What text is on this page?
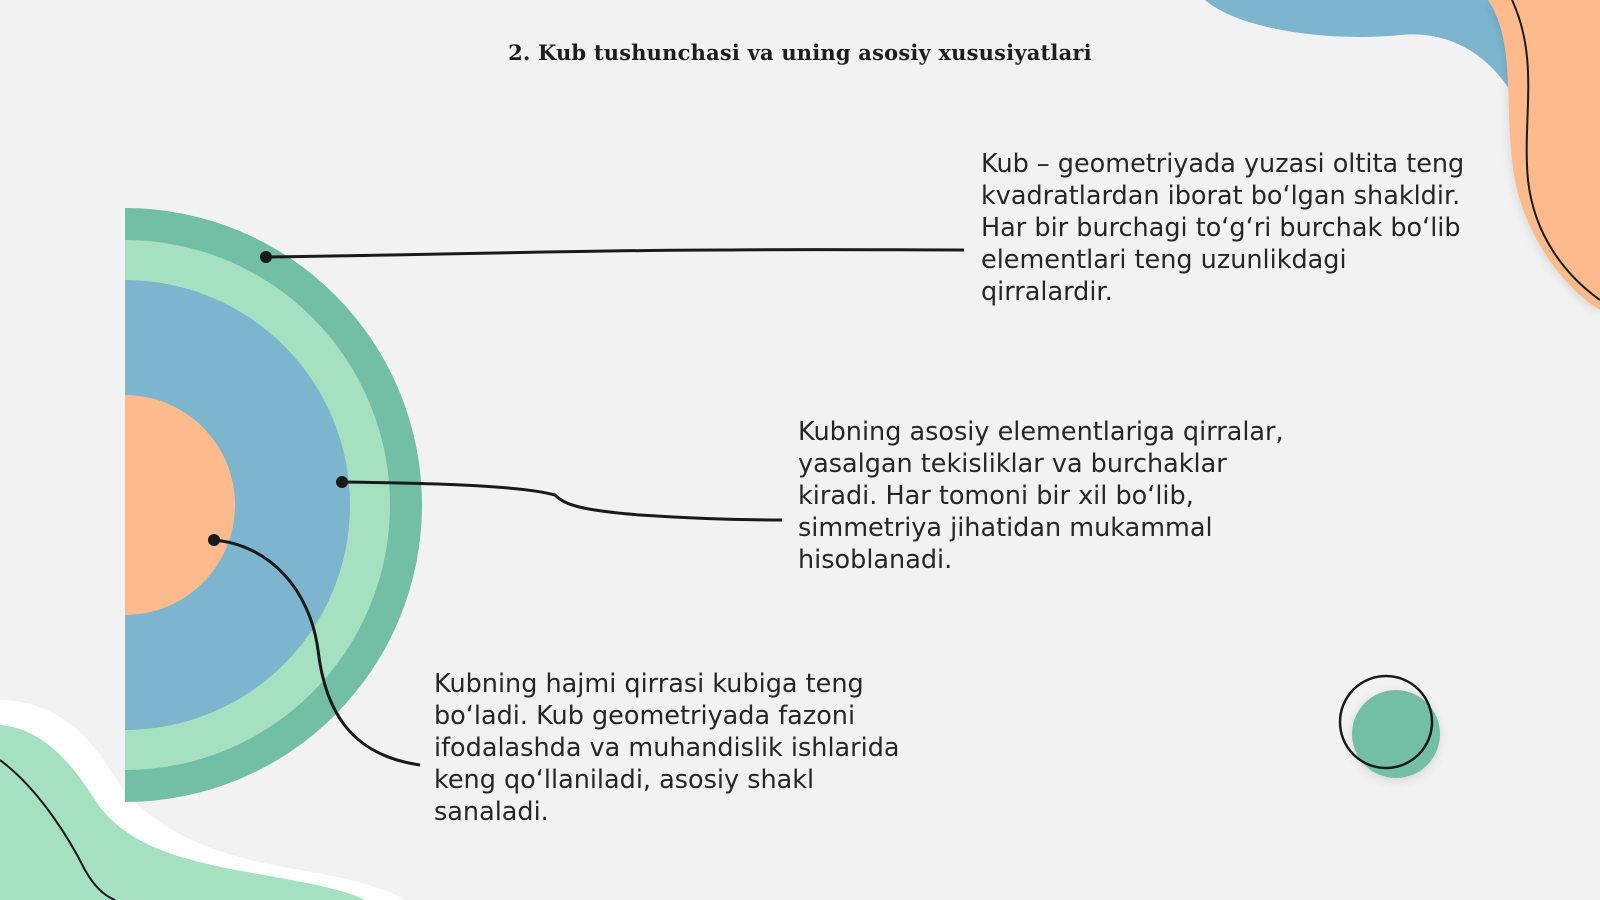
2. Kub tushunchasi va uning asosiy xususiyatlari

Kub – geometriyada yuzasi oltita teng
kvadratlardan iborat bo‘lgan shakldir.
Har bir burchagi to‘g‘ri burchak bo‘lib
elementlari teng uzunlikdagi
qirralardir.

Kubning asosiy elementlariga qirralar,
yasalgan tekisliklar va burchaklar
kiradi. Har tomoni bir xil bo‘lib,
simmetriya jihatidan mukammal
hisoblanadi.

Kubning hajmi qirrasi kubiga teng
bo‘ladi. Kub geometriyada fazoni
ifodalashda va muhandislik ishlarida
keng qo‘llaniladi, asosiy shakl
sanaladi.
